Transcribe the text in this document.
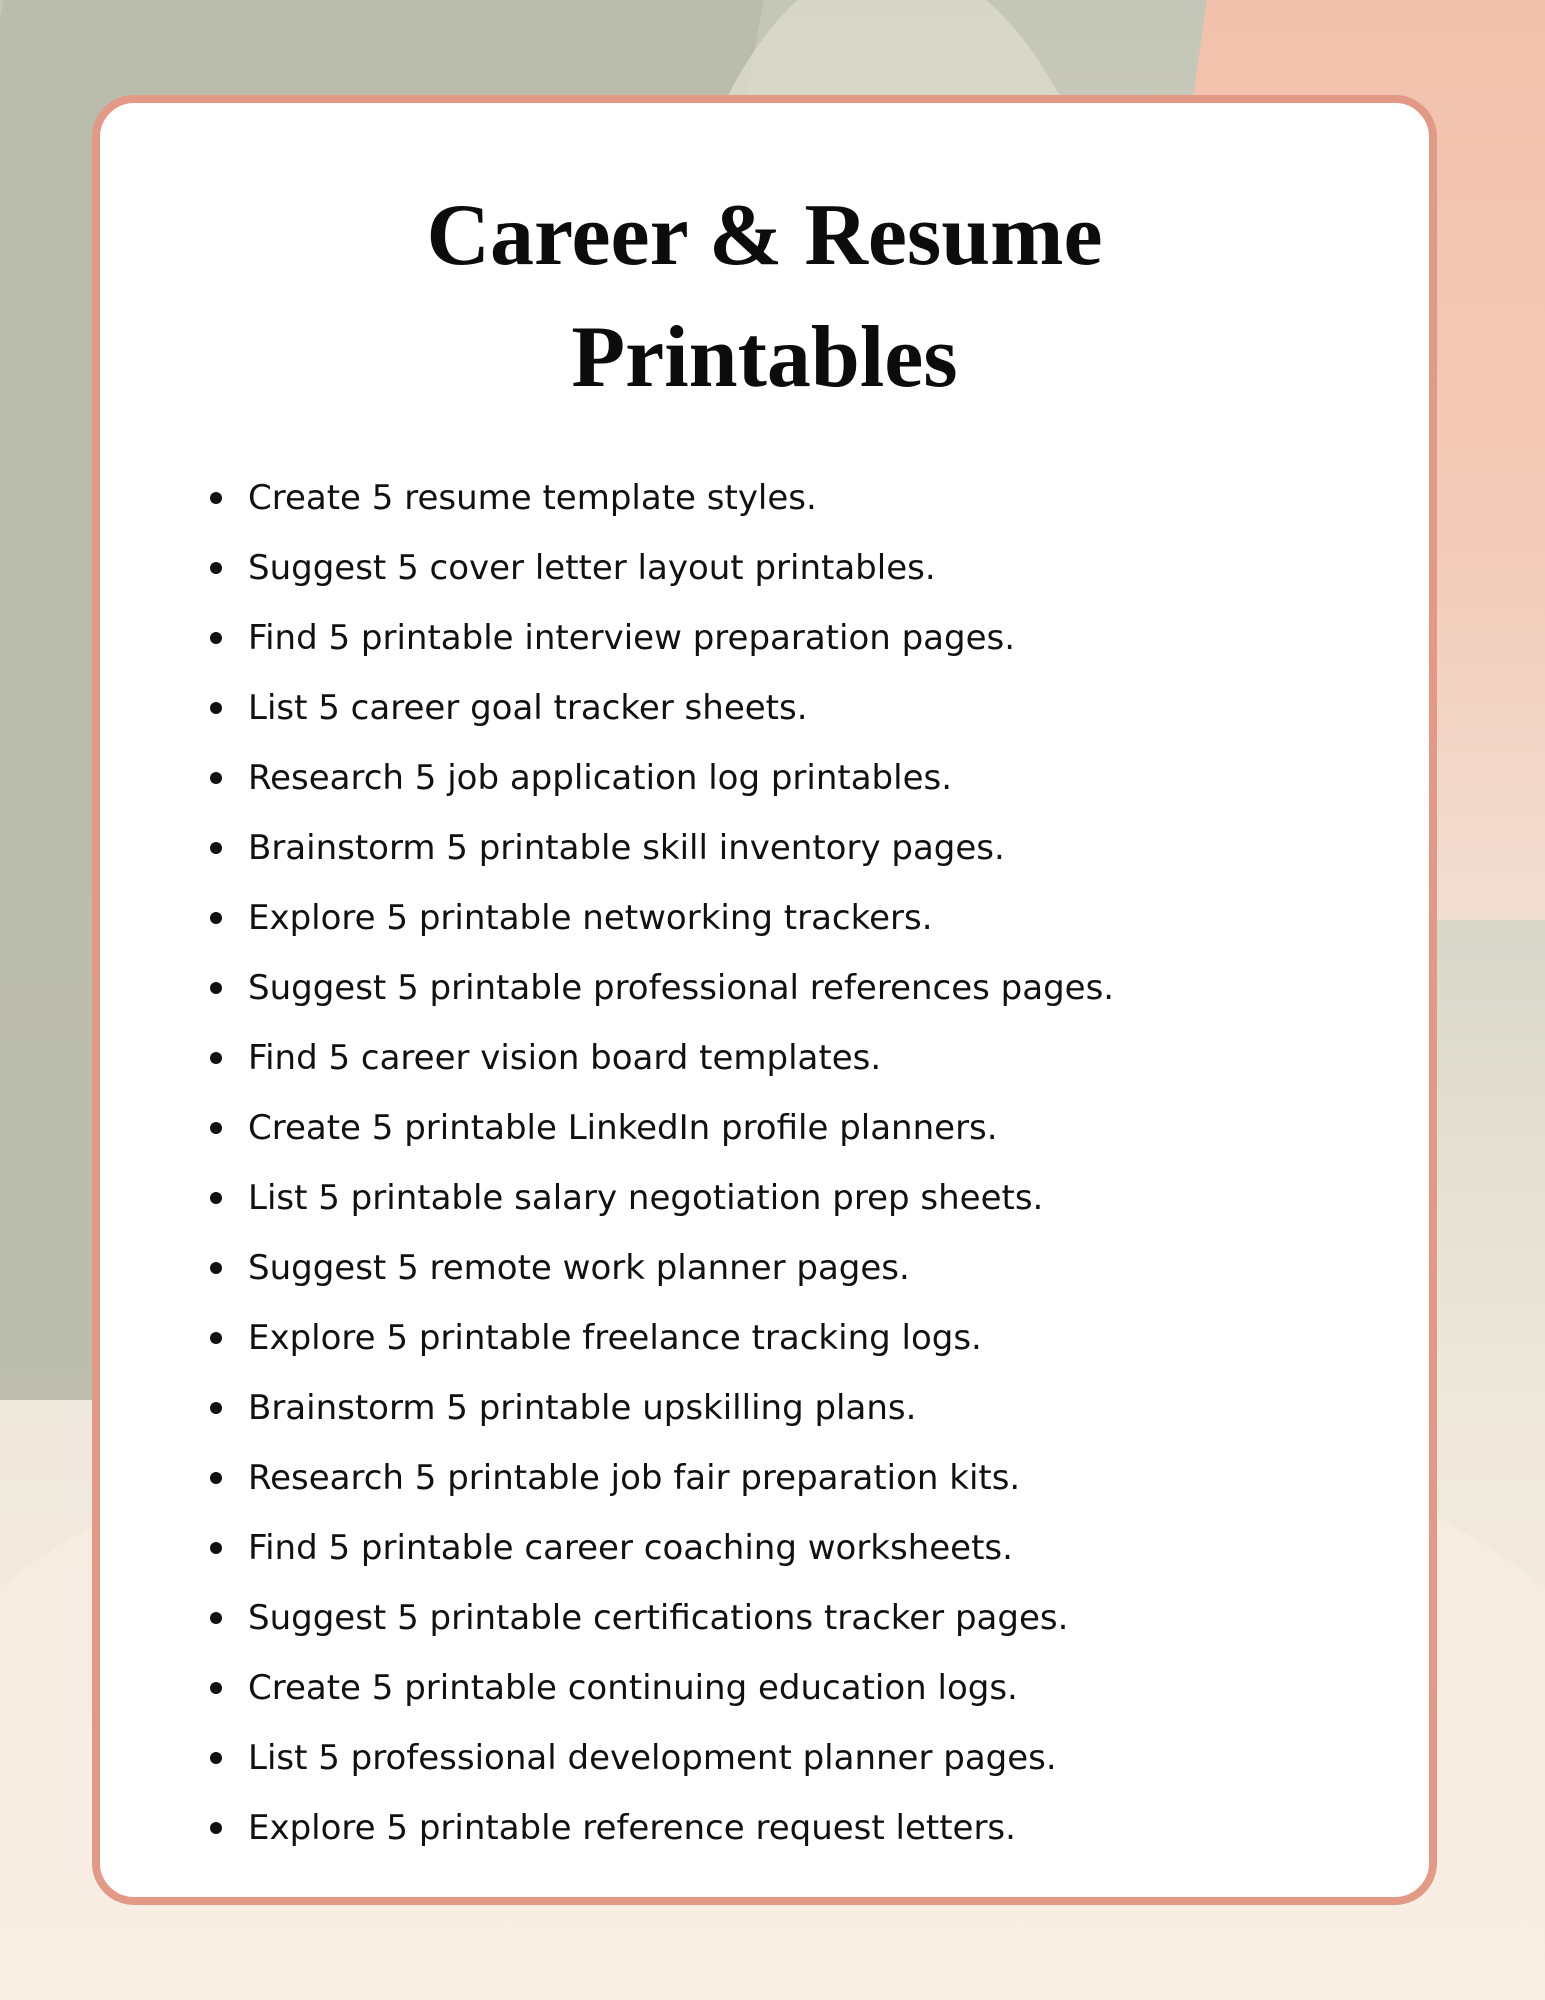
Career & Resume
Printables
Create 5 resume template styles.
Suggest 5 cover letter layout printables.
Find 5 printable interview preparation pages.
List 5 career goal tracker sheets.
Research 5 job application log printables.
Brainstorm 5 printable skill inventory pages.
Explore 5 printable networking trackers.
Suggest 5 printable professional references pages.
Find 5 career vision board templates.
Create 5 printable LinkedIn profile planners.
List 5 printable salary negotiation prep sheets.
Suggest 5 remote work planner pages.
Explore 5 printable freelance tracking logs.
Brainstorm 5 printable upskilling plans.
Research 5 printable job fair preparation kits.
Find 5 printable career coaching worksheets.
Suggest 5 printable certifications tracker pages.
Create 5 printable continuing education logs.
List 5 professional development planner pages.
Explore 5 printable reference request letters.
